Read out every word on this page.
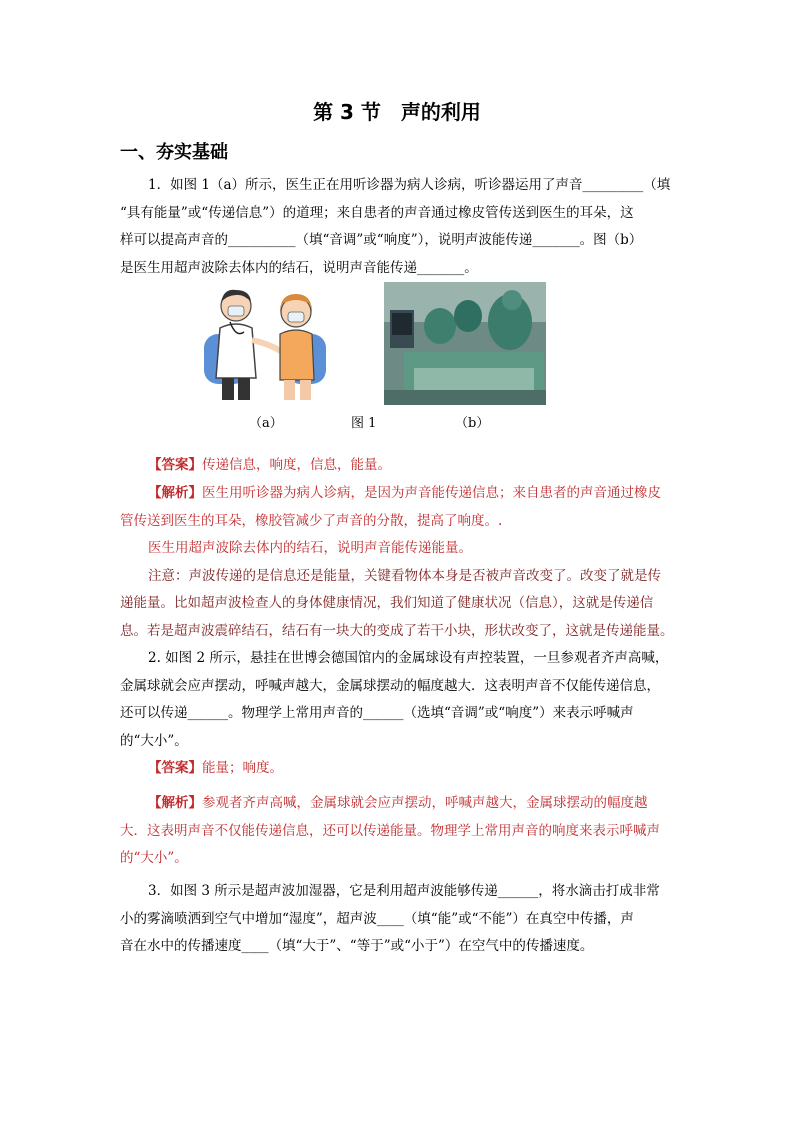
第 3 节　声的利用
一、夯实基础
1．如图 1（a）所示，医生正在用听诊器为病人诊病，听诊器运用了声音_________（填
“具有能量”或“传递信息”）的道理；来自患者的声音通过橡皮管传送到医生的耳朵，这
样可以提高声音的__________（填“音调”或“响度”），说明声波能传递_______。图（b）
是医生用超声波除去体内的结石，说明声音能传递_______。
（a）	图 1	（b）
【答案】传递信息，响度，信息，能量。
【解析】医生用听诊器为病人诊病，是因为声音能传递信息；来自患者的声音通过橡皮
管传送到医生的耳朵，橡胶管减少了声音的分散，提高了响度。.
医生用超声波除去体内的结石，说明声音能传递能量。
注意：声波传递的是信息还是能量，关键看物体本身是否被声音改变了。改变了就是传
递能量。比如超声波检查人的身体健康情况，我们知道了健康状况（信息），这就是传递信
息。若是超声波震碎结石，结石有一块大的变成了若干小块，形状改变了，这就是传递能量。
2. 如图 2 所示，悬挂在世博会德国馆内的金属球设有声控装置，一旦参观者齐声高喊，
金属球就会应声摆动，呼喊声越大，金属球摆动的幅度越大．这表明声音不仅能传递信息，
还可以传递______。物理学上常用声音的______（选填“音调”或“响度”）来表示呼喊声
的“大小”。
【答案】能量；响度。
【解析】参观者齐声高喊，金属球就会应声摆动，呼喊声越大，金属球摆动的幅度越
大．这表明声音不仅能传递信息，还可以传递能量。物理学上常用声音的响度来表示呼喊声
的“大小”。
3．如图 3 所示是超声波加湿器，它是利用超声波能够传递______，将水滴击打成非常
小的雾滴喷洒到空气中增加“湿度”，超声波____（填“能”或“不能”）在真空中传播，声
音在水中的传播速度____（填“大于”、“等于”或“小于”）在空气中的传播速度。
